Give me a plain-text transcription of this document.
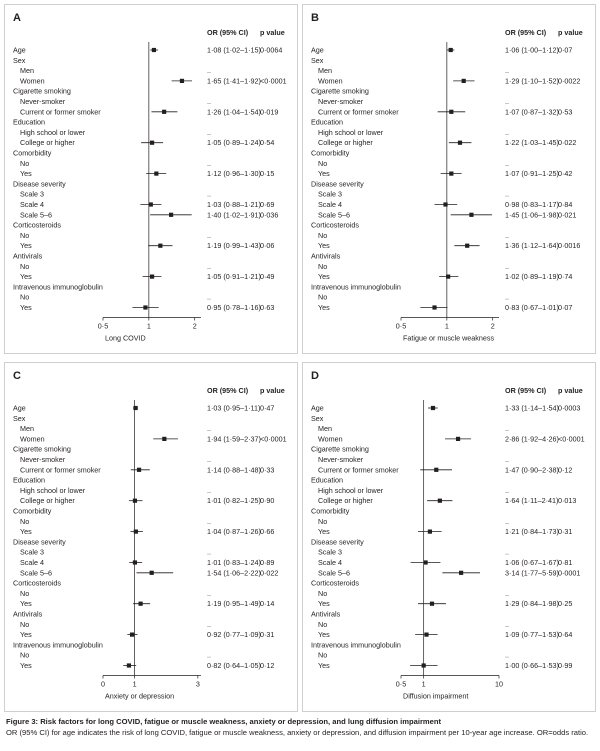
A
OR (95% CI) p value
0·5	1	2
Long COVID
Age	1·08 (1·02–1·15) 0·0064
Sex
Men	..
Women	1·65 (1·41–1·92) <0·0001
Cigarette smoking
Never-smoker	..
Current or former smoker	1·26 (1·04–1·54) 0·019
Education
High school or lower	..
College or higher	1·05 (0·89–1·24) 0·54
Comorbidity
No	..
Yes	1·12 (0·96–1·30) 0·15
Disease severity
Scale 3	..
Scale 4	1·03 (0·88–1·21) 0·69
Scale 5–6	1·40 (1·02–1·91) 0·036
Corticosteroids
No	..
Yes	1·19 (0·99–1·43) 0·06
Antivirals
No	..
Yes	1·05 (0·91–1·21) 0·49
Intravenous immunoglobulin
No	..
Yes	0·95 (0·78–1·16) 0·63
B
OR (95% CI) p value
0·5	1	2
Fatigue or muscle weakness
Age	1·06 (1·00–1·12) 0·07
Sex
Men	..
Women	1·29 (1·10–1·52) 0·0022
Cigarette smoking
Never-smoker	..
Current or former smoker	1·07 (0·87–1·32) 0·53
Education
High school or lower	..
College or higher	1·22 (1·03–1·45) 0·022
Comorbidity
No	..
Yes	1·07 (0·91–1·25) 0·42
Disease severity
Scale 3	..
Scale 4	0·98 (0·83–1·17) 0·84
Scale 5–6	1·45 (1·06–1·98) 0·021
Corticosteroids
No	..
Yes	1·36 (1·12–1·64) 0·0016
Antivirals
No	..
Yes	1·02 (0·89–1·19) 0·74
Intravenous immunoglobulin
No	..
Yes	0·83 (0·67–1·01) 0·07
C
OR (95% CI) p value
0	1	3
Anxiety or depression
Age	1·03 (0·95–1·11) 0·47
Sex
Men	..
Women	1·94 (1·59–2·37) <0·0001
Cigarette smoking
Never-smoker	..
Current or former smoker	1·14 (0·88–1·48) 0·33
Education
High school or lower	..
College or higher	1·01 (0·82–1·25) 0·90
Comorbidity
No	..
Yes	1·04 (0·87–1·26) 0·66
Disease severity
Scale 3	..
Scale 4	1·01 (0·83–1·24) 0·89
Scale 5–6	1·54 (1·06–2·22) 0·022
Corticosteroids
No	..
Yes	1·19 (0·95–1·49) 0·14
Antivirals
No	..
Yes	0·92 (0·77–1·09) 0·31
Intravenous immunoglobulin
No	..
Yes	0·82 (0·64–1·05) 0·12
D
OR (95% CI) p value
0·5 1	10
Diffusion impairment
Age	1·33 (1·14–1·54) 0·0003
Sex
Men	..
Women	2·86 (1·92–4·26) <0·0001
Cigarette smoking
Never-smoker	..
Current or former smoker	1·47 (0·90–2·38) 0·12
Education
High school or lower	..
College or higher	1·64 (1·11–2·41) 0·013
Comorbidity
No	..
Yes	1·21 (0·84–1·73) 0·31
Disease severity
Scale 3	..
Scale 4	1·06 (0·67–1·67) 0·81
Scale 5–6	3·14 (1·77–5·59) 0·0001
Corticosteroids
No	..
Yes	1·29 (0·84–1·98) 0·25
Antivirals
No	..
Yes	1·09 (0·77–1·53) 0·64
Intravenous immunoglobulin
No	..
Yes	1·00 (0·66–1·53) 0·99
Figure 3: Risk factors for long COVID, fatigue or muscle weakness, anxiety or depression, and lung diffusion impairment
OR (95% CI) for age indicates the risk of long COVID, fatigue or muscle weakness, anxiety or depression, and diffusion impairment per 10-year age increase. OR=odds ratio.
